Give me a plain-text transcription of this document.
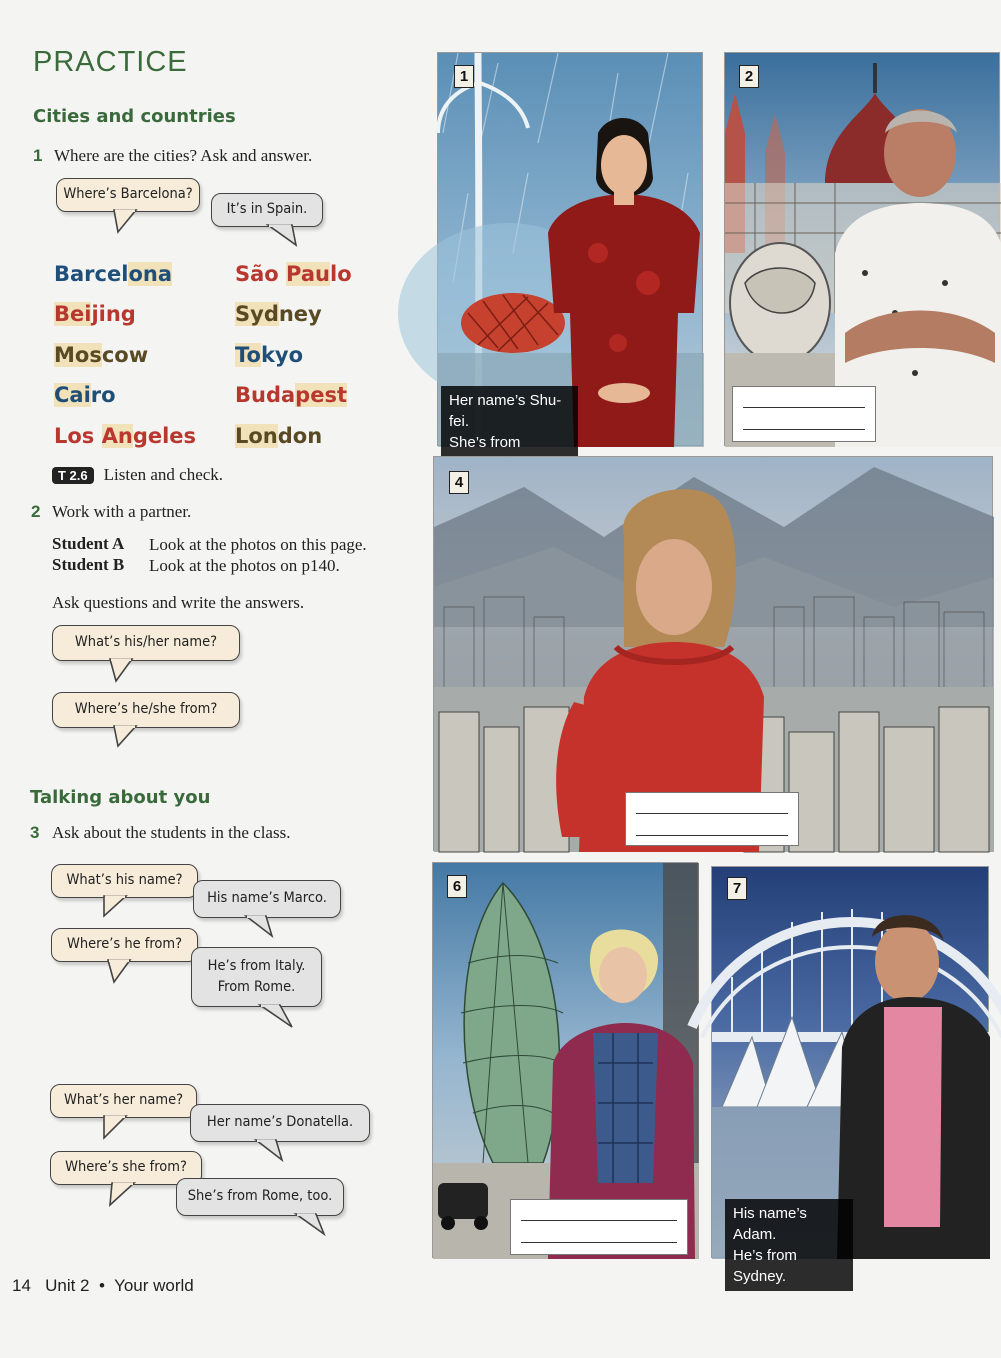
PRACTICE
Cities and countries
1 Where are the cities? Ask and answer.
Where’s Barcelona?
It’s in Spain.
Barcelona
Beijing
Moscow
Cairo
Los Angeles
São Paulo
Sydney
Tokyo
Budapest
London
T 2.6 Listen and check.
2 Work with a partner.
Student A Look at the photos on this page.
Student B Look at the photos on p140.
Ask questions and write the answers.
What’s his/her name?
Where’s he/she from?
Talking about you
3 Ask about the students in the class.
What’s his name?
His name’s Marco.
Where’s he from?
He’s from Italy.
From Rome.
What’s her name?
Her name’s Donatella.
Where’s she from?
She’s from Rome, too.
14 Unit 2 • Your world
1
Her name’s Shu-fei.
She’s from
2
4
6	7
His name’s Adam.
He’s from Sydney.
